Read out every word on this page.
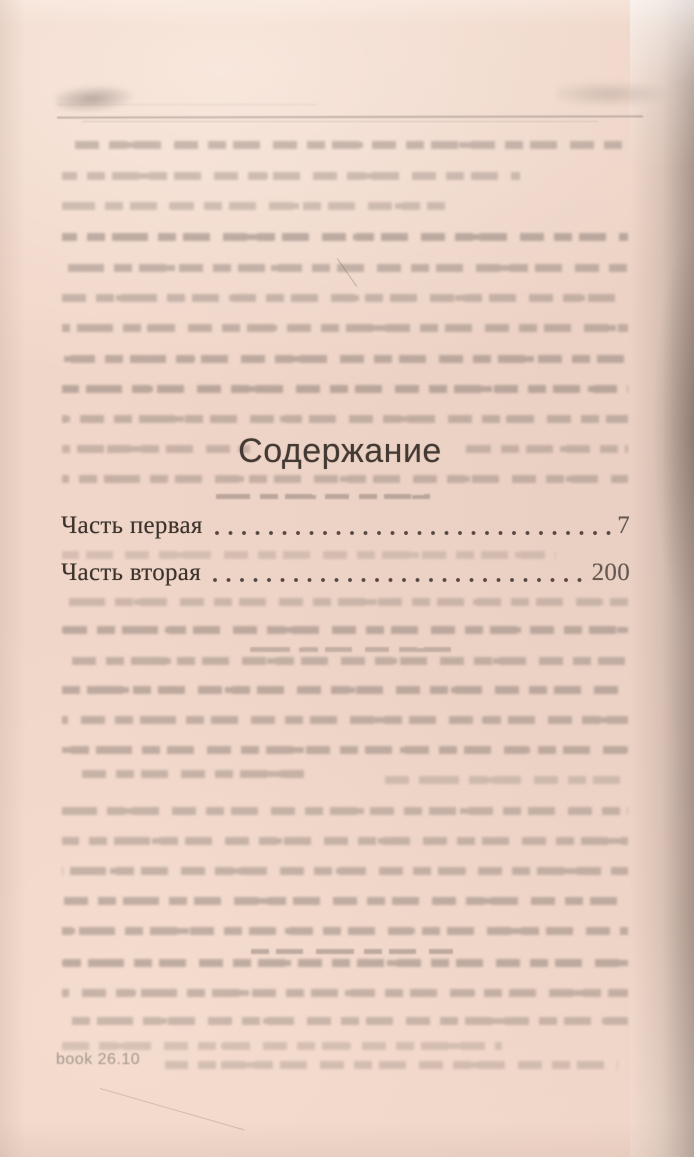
Содержание
Часть первая	7
Часть вторая	200
book 26.10
